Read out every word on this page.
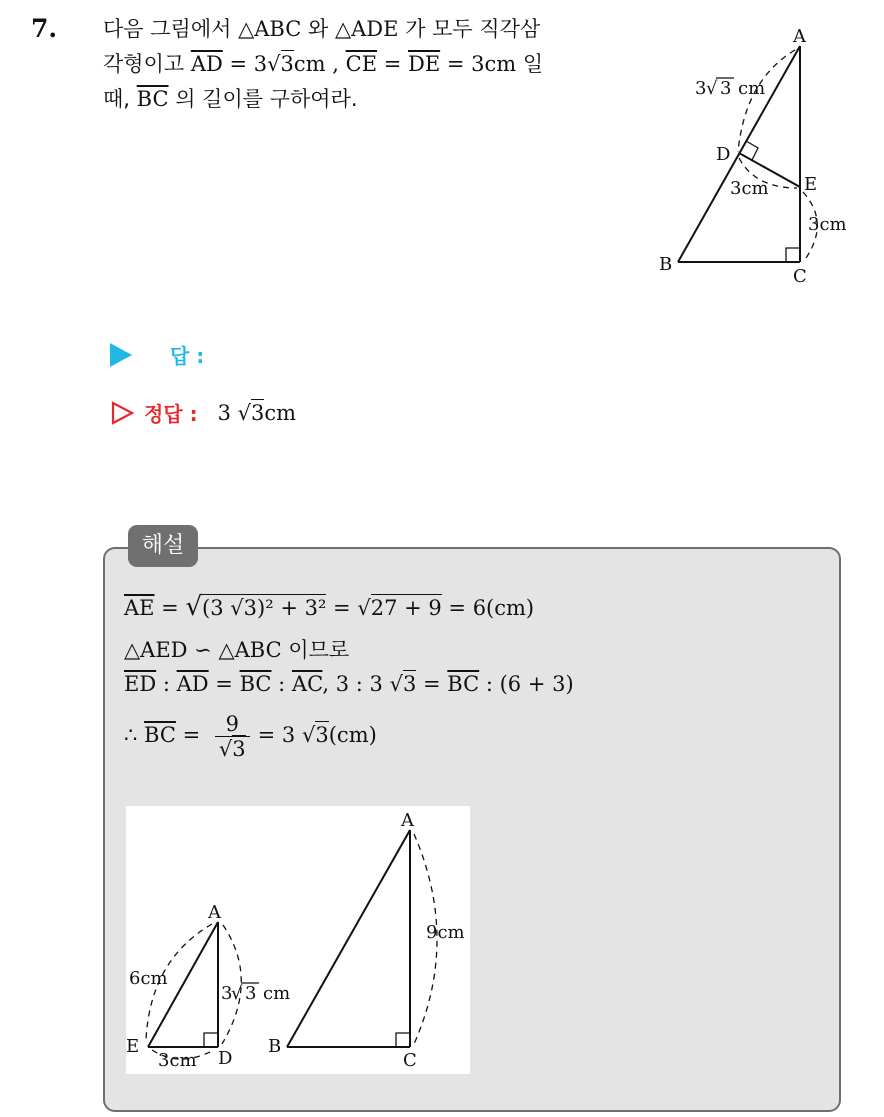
7. 다음 그림에서 △ABC 와 △ADE 가 모두 직각삼
각형이고 $\overline{AD} = 3√3cm$ , $\overline{CE} = \overline{DE} = 3cm$ 일
때, $\overline{BC}$ 의 길이를 구하여라.
A
B
C
D
E
3 √ 3 cm
3cm
3cm
답 :
정답 : 3 √3cm
해설
$\overline{AE} = √(3$ √3)² + 3² = √27 + 9 = 6(cm)
△AED ∽ △ABC 이므로
$\overline{ED}$ : $\overline{AD} = \overline{BC}$ : $\overline{AC}$, 3 : 3 $√3 = \overline{BC}$ : (6 + 3)
∴ $\overline{BC} = \frac{9}{√3} = 3$ √3(cm)
A
E
D
6cm
3
√ 3 cm
3cm
A
B
C
9cm
